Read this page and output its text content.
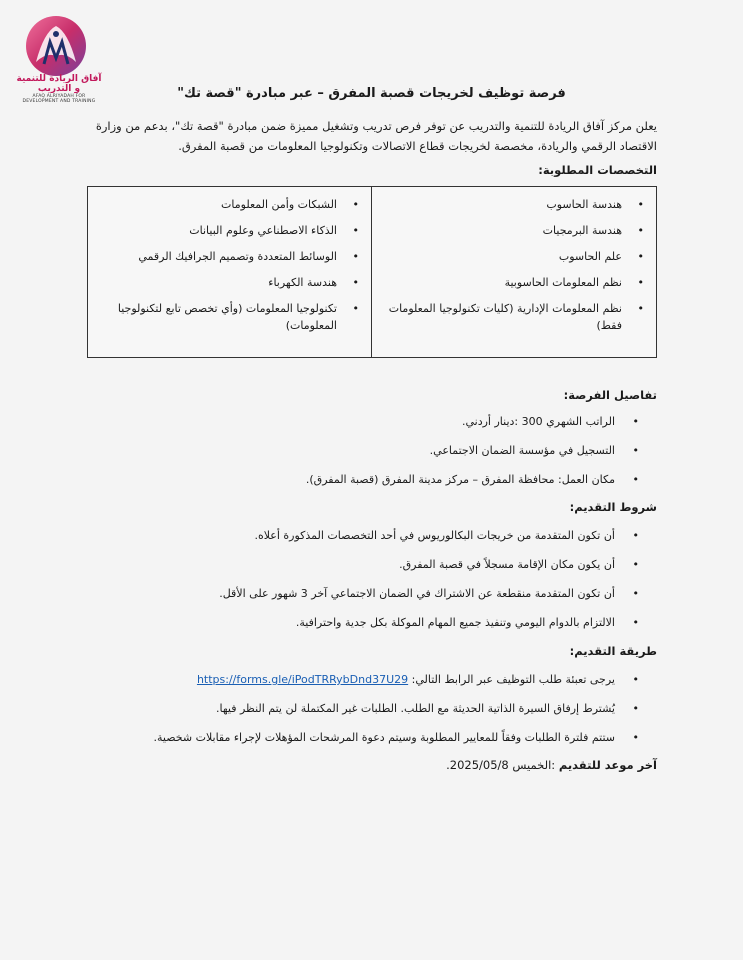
آفاق الريادة للتنمية و التدريب
AFAQ ALRIYADAH FOR DEVELOPMENT AND TRAINING
فرصة توظيف لخريجات قصبة المفرق – عبر مبادرة "قصة تك"
يعلن مركز آفاق الريادة للتنمية والتدريب عن توفر فرص تدريب وتشغيل مميزة ضمن مبادرة "قصة تك"، بدعم من وزارة الاقتصاد الرقمي والريادة، مخصصة لخريجات قطاع الاتصالات وتكنولوجيا المعلومات من قصبة المفرق.
التخصصات المطلوبة:
• هندسة الحاسوب
• هندسة البرمجيات
• علم الحاسوب
• نظم المعلومات الحاسوبية
• نظم المعلومات الإدارية (كليات تكنولوجيا المعلومات فقط)
• الشبكات وأمن المعلومات
• الذكاء الاصطناعي وعلوم البيانات
• الوسائط المتعددة وتصميم الجرافيك الرقمي
• هندسة الكهرباء
• تكنولوجيا المعلومات (وأي تخصص تابع لتكنولوجيا المعلومات)
تفاصيل الفرصة:
• الراتب الشهري 300 :دينار أردني.
• التسجيل في مؤسسة الضمان الاجتماعي.
• مكان العمل: محافظة المفرق – مركز مدينة المفرق (قصبة المفرق).
شروط التقديم:
• أن تكون المتقدمة من خريجات البكالوريوس في أحد التخصصات المذكورة أعلاه.
• أن يكون مكان الإقامة مسجلاً في قصبة المفرق.
• أن تكون المتقدمة منقطعة عن الاشتراك في الضمان الاجتماعي آخر 3 شهور على الأقل.
• الالتزام بالدوام اليومي وتنفيذ جميع المهام الموكلة بكل جدية واحترافية.
طريقة التقديم:
• يرجى تعبئة طلب التوظيف عبر الرابط التالي: https://forms.gle/iPodTRRybDnd37U29
• يُشترط إرفاق السيرة الذاتية الحديثة مع الطلب. الطلبات غير المكتملة لن يتم النظر فيها.
• ستتم فلترة الطلبات وفقاً للمعايير المطلوبة وسيتم دعوة المرشحات المؤهلات لإجراء مقابلات شخصية.
آخر موعد للتقديم :الخميس 2025/05/8.
